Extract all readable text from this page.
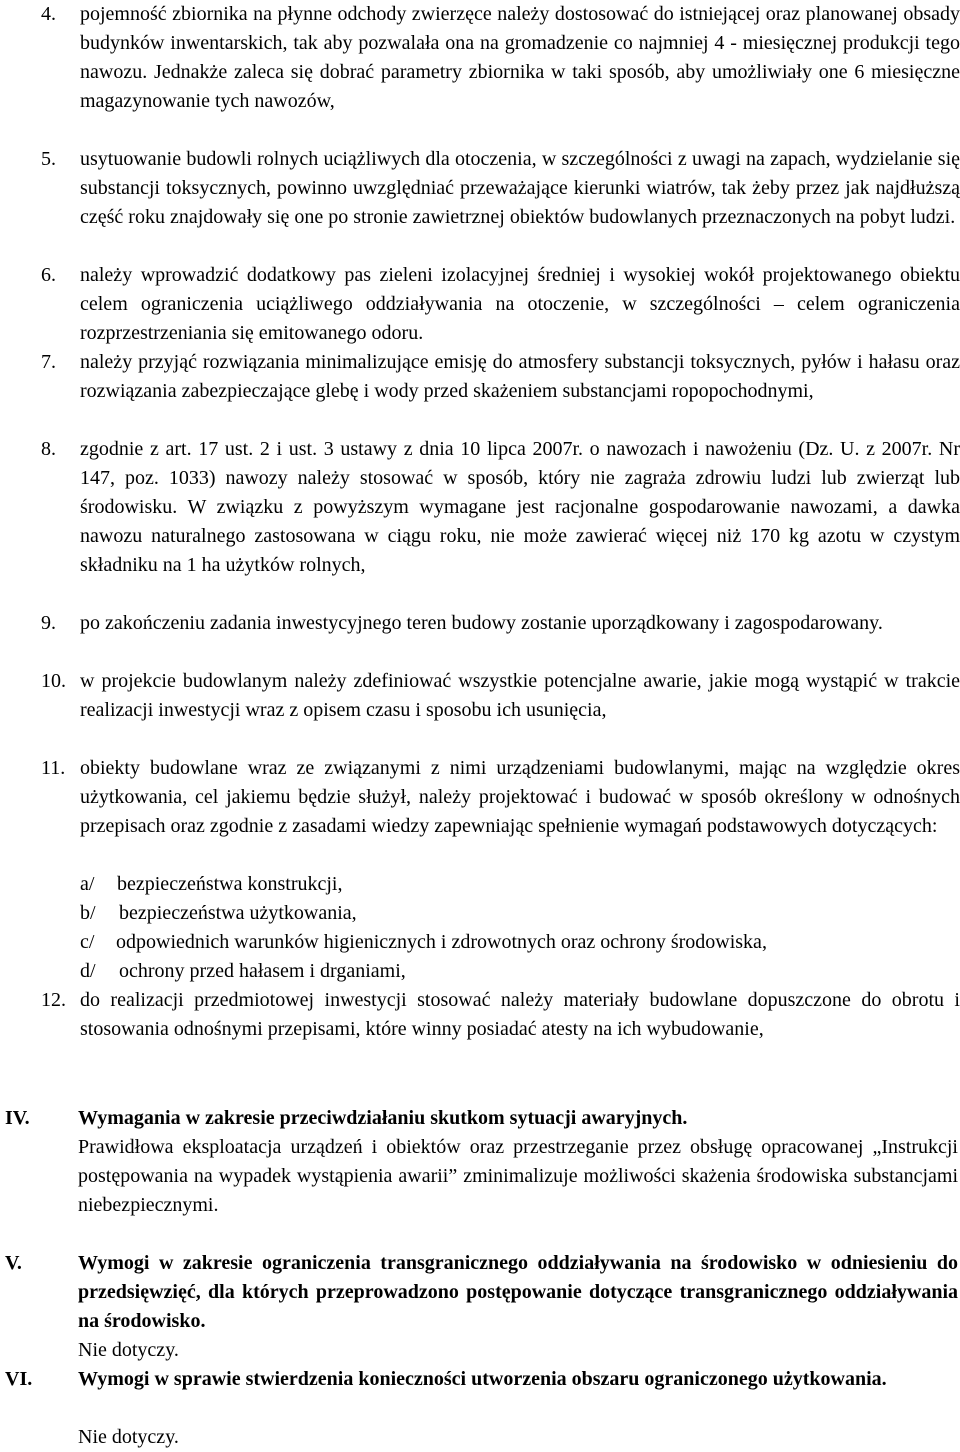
4. pojemność zbiornika na płynne odchody zwierzęce należy dostosować do istniejącej oraz planowanej obsady budynków inwentarskich, tak aby pozwalała ona na gromadzenie co najmniej 4 - miesięcznej produkcji tego nawozu. Jednakże zaleca się dobrać parametry zbiornika w taki sposób, aby umożliwiały one 6 miesięczne magazynowanie tych nawozów,
5. usytuowanie budowli rolnych uciążliwych dla otoczenia, w szczególności z uwagi na zapach, wydzielanie się substancji toksycznych, powinno uwzględniać przeważające kierunki wiatrów, tak żeby przez jak najdłuższą część roku znajdowały się one po stronie zawietrznej obiektów budowlanych przeznaczonych na pobyt ludzi.
6. należy wprowadzić dodatkowy pas zieleni izolacyjnej średniej i wysokiej wokół projektowanego obiektu celem ograniczenia uciążliwego oddziaływania na otoczenie, w szczególności – celem ograniczenia rozprzestrzeniania się emitowanego odoru.
7. należy przyjąć rozwiązania minimalizujące emisję do atmosfery substancji toksycznych, pyłów i hałasu oraz rozwiązania zabezpieczające glebę i wody przed skażeniem substancjami ropopochodnymi,
8. zgodnie z art. 17 ust. 2 i ust. 3 ustawy z dnia 10 lipca 2007r. o nawozach i nawożeniu (Dz. U. z 2007r. Nr 147, poz. 1033) nawozy należy stosować w sposób, który nie zagraża zdrowiu ludzi lub zwierząt lub środowisku. W związku z powyższym wymagane jest racjonalne gospodarowanie nawozami, a dawka nawozu naturalnego zastosowana w ciągu roku, nie może zawierać więcej niż 170 kg azotu w czystym składniku na 1 ha użytków rolnych,
9. po zakończeniu zadania inwestycyjnego teren budowy zostanie uporządkowany i zagospodarowany.
10. w projekcie budowlanym należy zdefiniować wszystkie potencjalne awarie, jakie mogą wystąpić w trakcie realizacji inwestycji wraz z opisem czasu i sposobu ich usunięcia,
11. obiekty budowlane wraz ze związanymi z nimi urządzeniami budowlanymi, mając na względzie okres użytkowania, cel jakiemu będzie służył, należy projektować i budować w sposób określony w odnośnych przepisach oraz zgodnie z zasadami wiedzy zapewniając spełnienie wymagań podstawowych dotyczących:
a/ bezpieczeństwa konstrukcji,
b/ bezpieczeństwa użytkowania,
c/ odpowiednich warunków higienicznych i zdrowotnych oraz ochrony środowiska,
d/ ochrony przed hałasem i drganiami,
12. do realizacji przedmiotowej inwestycji stosować należy materiały budowlane dopuszczone do obrotu i stosowania odnośnymi przepisami, które winny posiadać atesty na ich wybudowanie,
IV. Wymagania w zakresie przeciwdziałaniu skutkom sytuacji awaryjnych.
Prawidłowa eksploatacja urządzeń i obiektów oraz przestrzeganie przez obsługę opracowanej „Instrukcji postępowania na wypadek wystąpienia awarii” zminimalizuje możliwości skażenia środowiska substancjami niebezpiecznymi.
V.	Wymogi w zakresie ograniczenia transgranicznego oddziaływania na środowisko w odniesieniu do przedsięwzięć, dla których przeprowadzono postępowanie dotyczące transgranicznego oddziaływania na środowisko.
Nie dotyczy.
VI. Wymogi w sprawie stwierdzenia konieczności utworzenia obszaru ograniczonego użytkowania.
Nie dotyczy.
